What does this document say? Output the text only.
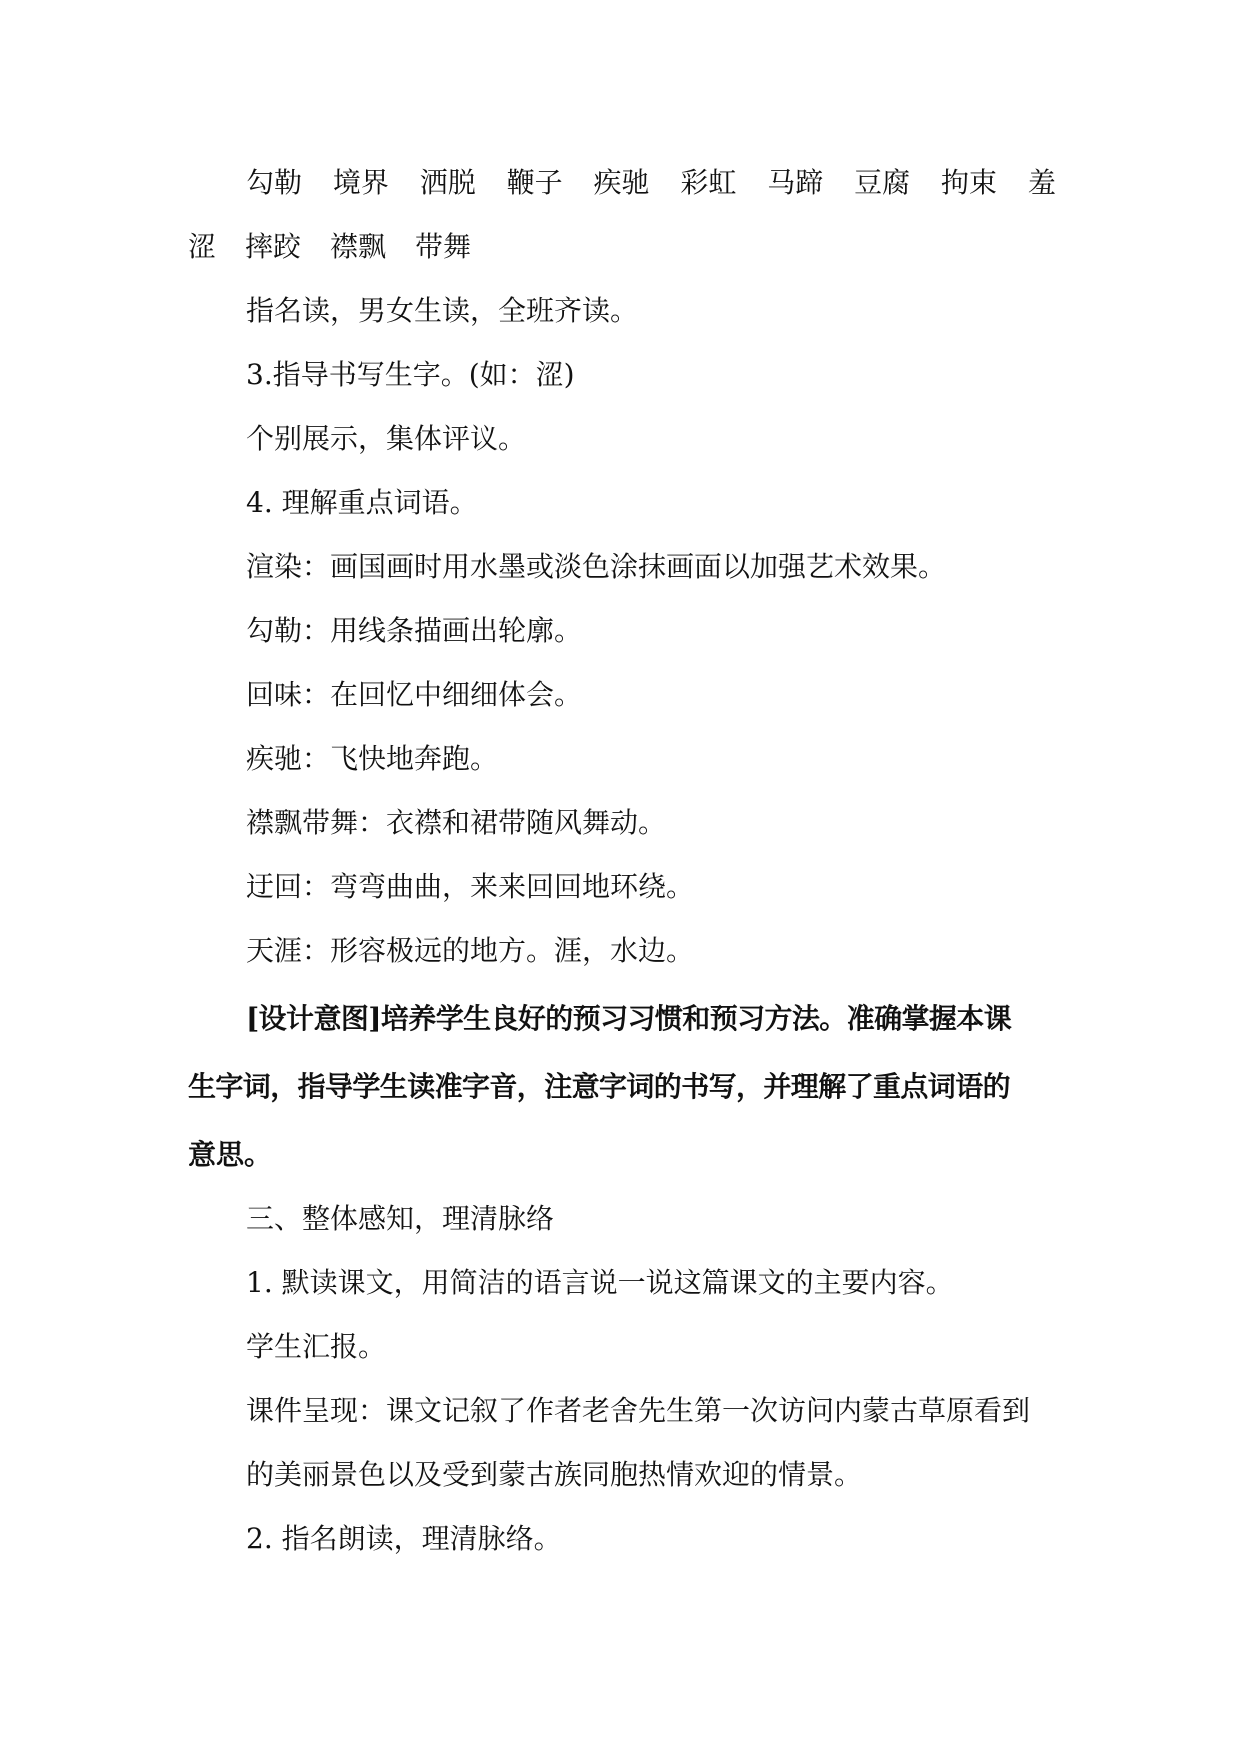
勾勒 境界 洒脱 鞭子 疾驰 彩虹 马蹄 豆腐 拘束 羞
涩 摔跤 襟飘 带舞
指名读，男女生读，全班齐读。
3.指导书写生字。(如：涩)
个别展示，集体评议。
4. 理解重点词语。
渲染：画国画时用水墨或淡色涂抹画面以加强艺术效果。
勾勒：用线条描画出轮廓。
回味：在回忆中细细体会。
疾驰：飞快地奔跑。
襟飘带舞：衣襟和裙带随风舞动。
迂回：弯弯曲曲，来来回回地环绕。
天涯：形容极远的地方。涯，水边。
[设计意图]培养学生良好的预习习惯和预习方法。准确掌握本课
生字词，指导学生读准字音，注意字词的书写，并理解了重点词语的
意思。
三、整体感知，理清脉络
1. 默读课文，用简洁的语言说一说这篇课文的主要内容。
学生汇报。
课件呈现：课文记叙了作者老舍先生第一次访问内蒙古草原看到
的美丽景色以及受到蒙古族同胞热情欢迎的情景。
2. 指名朗读，理清脉络。
